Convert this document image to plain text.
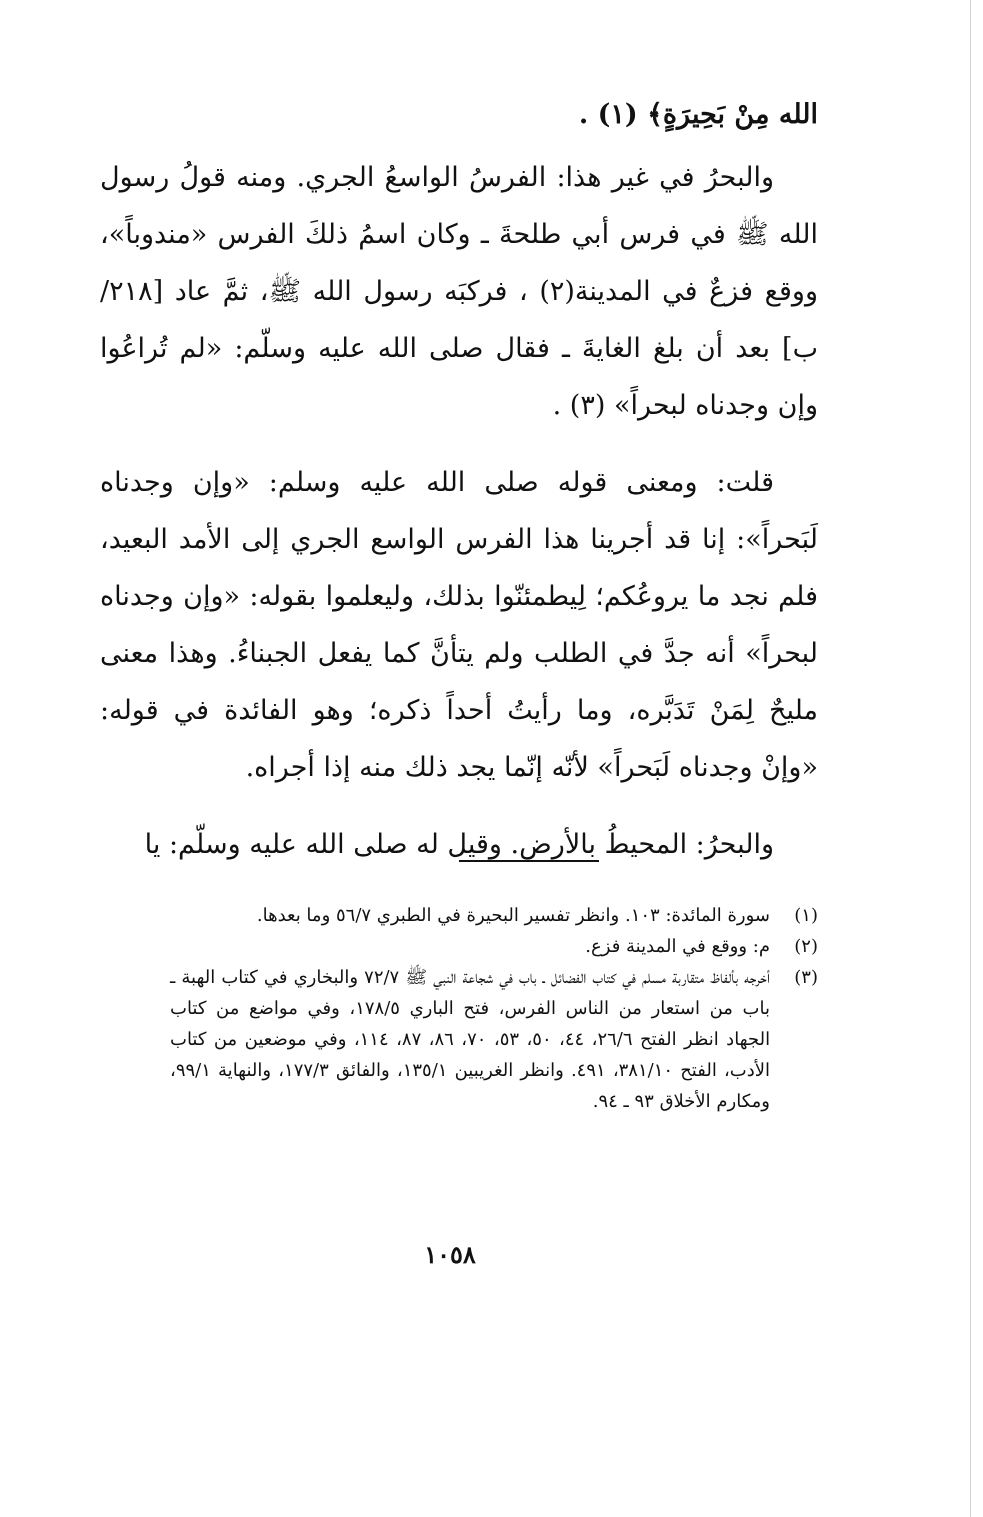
الله مِنْ بَحِيرَةٍ﴾ (١) .

والبحرُ في غير هذا: الفرسُ الواسعُ الجري. ومنه قولُ رسول الله ﷺ في فرس أبي طلحةَ ـ وكان اسمُ ذلكَ الفرس «مندوباً»، ووقع فزعٌ في المدينة(٢) ، فركبَه رسول الله ﷺ، ثمَّ عاد [٢١٨/ب] بعد أن بلغ الغايةَ ـ فقال صلى الله عليه وسلّم: «لم تُراعُوا وإن وجدناه لبحراً» (٣) .

قلت: ومعنى قوله صلى الله عليه وسلم: «وإن وجدناه لَبَحراً»: إنا قد أجرينا هذا الفرس الواسع الجري إلى الأمد البعيد، فلم نجد ما يروعُكم؛ لِيطمئنّوا بذلك، وليعلموا بقوله: «وإن وجدناه لبحراً» أنه جدَّ في الطلب ولم يتأنَّ كما يفعل الجبناءُ. وهذا معنى مليحٌ لِمَنْ تَدَبَّره، وما رأيتُ أحداً ذكره؛ وهو الفائدة في قوله: «وإنْ وجدناه لَبَحراً» لأنّه إنّما يجد ذلك منه إذا أجراه.

والبحرُ: المحيطُ بالأرض. وقيل له صلى الله عليه وسلّم: يا

(١)
سورة المائدة: ١٠٣. وانظر تفسير البحيرة في الطبري ٥٦/٧ وما بعدها.
(٢)
م: ووقع في المدينة فزع.
(٣)
أخرجه بألفاظ متقاربة مسلم في كتاب الفضائل ـ باب في شجاعة النبي ﷺ ٧٢/٧ والبخاري في كتاب الهبة ـ باب من استعار من الناس الفرس، فتح الباري ١٧٨/٥، وفي مواضع من كتاب الجهاد انظر الفتح ٢٦/٦، ٤٤، ٥٠، ٥٣، ٧٠، ٨٦، ٨٧، ١١٤، وفي موضعين من كتاب الأدب، الفتح ٣٨١/١٠، ٤٩١. وانظر الغريبين ١٣٥/١، والفائق ١٧٧/٣، والنهاية ٩٩/١، ومكارم الأخلاق ٩٣ ـ ٩٤.
١٠٥٨
